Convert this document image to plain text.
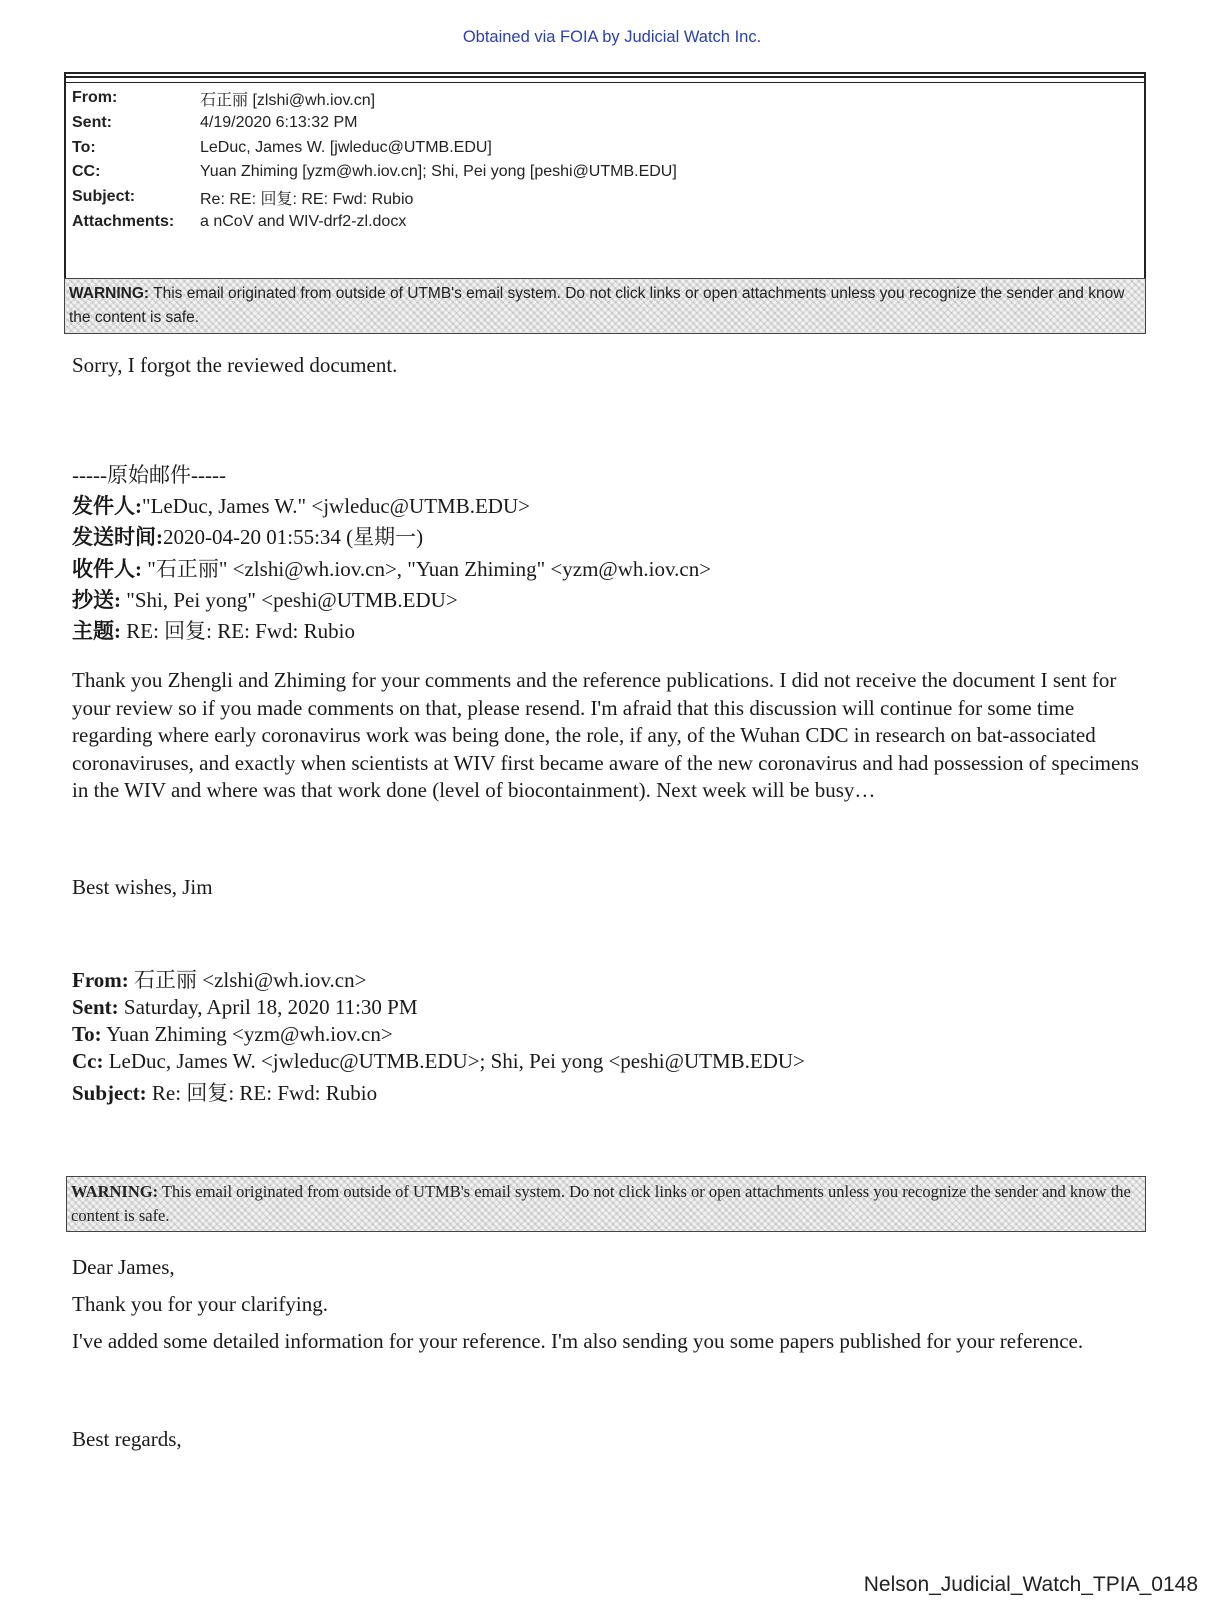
Obtained via FOIA by Judicial Watch Inc.
From:	石正丽 [zlshi@wh.iov.cn]
Sent:	4/19/2020 6:13:32 PM
To:	LeDuc, James W. [jwleduc@UTMB.EDU]
CC:	Yuan Zhiming [yzm@wh.iov.cn]; Shi, Pei yong [peshi@UTMB.EDU]
Subject:	Re: RE: 回复: RE: Fwd: Rubio
Attachments:	a nCoV and WIV-drf2-zl.docx
WARNING: This email originated from outside of UTMB's email system. Do not click links or open attachments unless you recognize the sender and know the content is safe.
Sorry, I forgot the reviewed document.
-----原始邮件-----
发件人:"LeDuc, James W." <jwleduc@UTMB.EDU>
发送时间:2020-04-20 01:55:34 (星期一)
收件人: "石正丽" <zlshi@wh.iov.cn>, "Yuan Zhiming" <yzm@wh.iov.cn>
抄送: "Shi, Pei yong" <peshi@UTMB.EDU>
主题: RE: 回复: RE: Fwd: Rubio
Thank you Zhengli and Zhiming for your comments and the reference publications. I did not receive the document I sent for your review so if you made comments on that, please resend. I'm afraid that this discussion will continue for some time regarding where early coronavirus work was being done, the role, if any, of the Wuhan CDC in research on bat-associated coronaviruses, and exactly when scientists at WIV first became aware of the new coronavirus and had possession of specimens in the WIV and where was that work done (level of biocontainment). Next week will be busy…
Best wishes, Jim
From: 石正丽 <zlshi@wh.iov.cn>
Sent: Saturday, April 18, 2020 11:30 PM
To: Yuan Zhiming <yzm@wh.iov.cn>
Cc: LeDuc, James W. <jwleduc@UTMB.EDU>; Shi, Pei yong <peshi@UTMB.EDU>
Subject: Re: 回复: RE: Fwd: Rubio
WARNING: This email originated from outside of UTMB's email system. Do not click links or open attachments unless you recognize the sender and know the content is safe.
Dear James,
Thank you for your clarifying.
I've added some detailed information for your reference. I'm also sending you some papers published for your reference.
Best regards,
Nelson_Judicial_Watch_TPIA_0148
